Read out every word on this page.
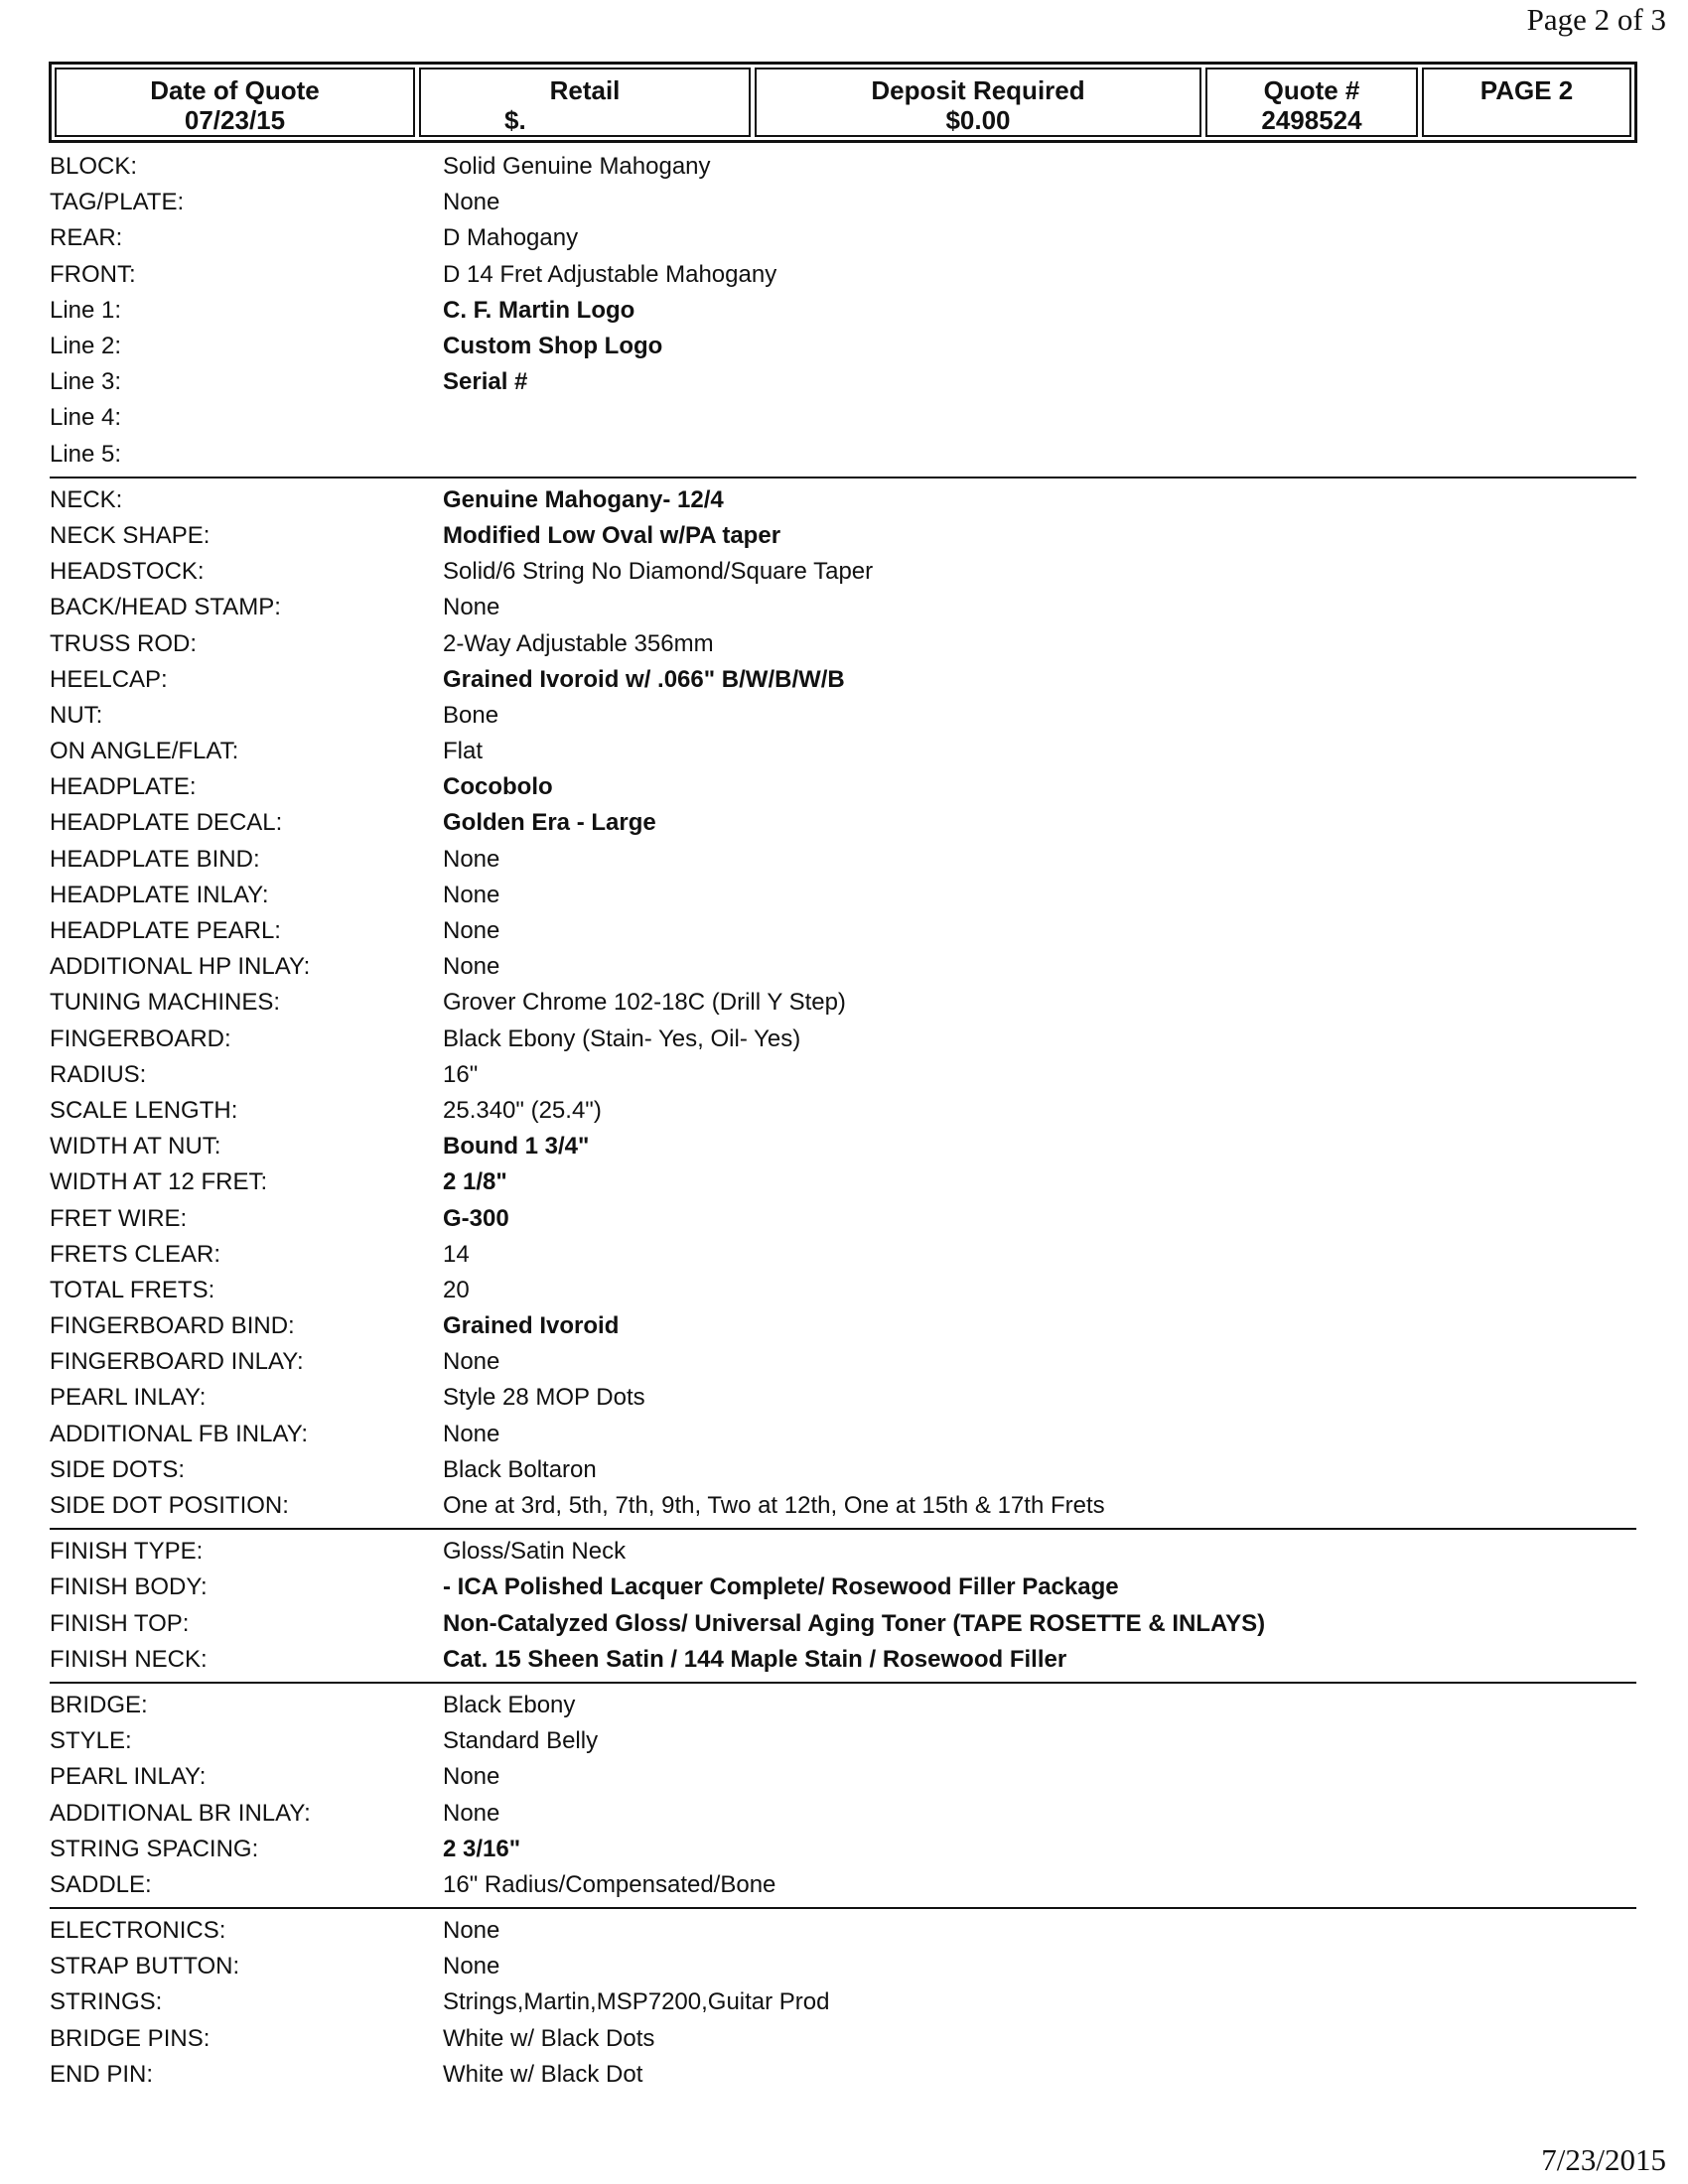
Page 2 of 3
Date of Quote
07/23/15
Retail
$.
Deposit Required
$0.00
Quote #
2498524
PAGE 2
BLOCK:	Solid Genuine Mahogany
TAG/PLATE:	None
REAR:	D Mahogany
FRONT:	D 14 Fret Adjustable Mahogany
Line 1:	C. F. Martin Logo
Line 2:	Custom Shop Logo
Line 3:	Serial #
Line 4:
Line 5:
NECK:	Genuine Mahogany- 12/4
NECK SHAPE:	Modified Low Oval w/PA taper
HEADSTOCK:	Solid/6 String No Diamond/Square Taper
BACK/HEAD STAMP:	None
TRUSS ROD:	2-Way Adjustable 356mm
HEELCAP:	Grained Ivoroid w/ .066" B/W/B/W/B
NUT:	Bone
ON ANGLE/FLAT:	Flat
HEADPLATE:	Cocobolo
HEADPLATE DECAL:	Golden Era - Large
HEADPLATE BIND:	None
HEADPLATE INLAY:	None
HEADPLATE PEARL:	None
ADDITIONAL HP INLAY:	None
TUNING MACHINES:	Grover Chrome 102-18C (Drill Y Step)
FINGERBOARD:	Black Ebony (Stain- Yes, Oil- Yes)
RADIUS:	16"
SCALE LENGTH:	25.340" (25.4")
WIDTH AT NUT:	Bound 1 3/4"
WIDTH AT 12 FRET:	2 1/8"
FRET WIRE:	G-300
FRETS CLEAR:	14
TOTAL FRETS:	20
FINGERBOARD BIND:	Grained Ivoroid
FINGERBOARD INLAY:	None
PEARL INLAY:	Style 28 MOP Dots
ADDITIONAL FB INLAY:	None
SIDE DOTS:	Black Boltaron
SIDE DOT POSITION:	One at 3rd, 5th, 7th, 9th, Two at 12th, One at 15th & 17th Frets
FINISH TYPE:	Gloss/Satin Neck
FINISH BODY:	- ICA Polished Lacquer Complete/ Rosewood Filler Package
FINISH TOP:	Non-Catalyzed Gloss/ Universal Aging Toner (TAPE ROSETTE & INLAYS)
FINISH NECK:	Cat. 15 Sheen Satin / 144 Maple Stain / Rosewood Filler
BRIDGE:	Black Ebony
STYLE:	Standard Belly
PEARL INLAY:	None
ADDITIONAL BR INLAY:	None
STRING SPACING:	2 3/16"
SADDLE:	16" Radius/Compensated/Bone
ELECTRONICS:	None
STRAP BUTTON:	None
STRINGS:	Strings,Martin,MSP7200,Guitar Prod
BRIDGE PINS:	White w/ Black Dots
END PIN:	White w/ Black Dot
7/23/2015
